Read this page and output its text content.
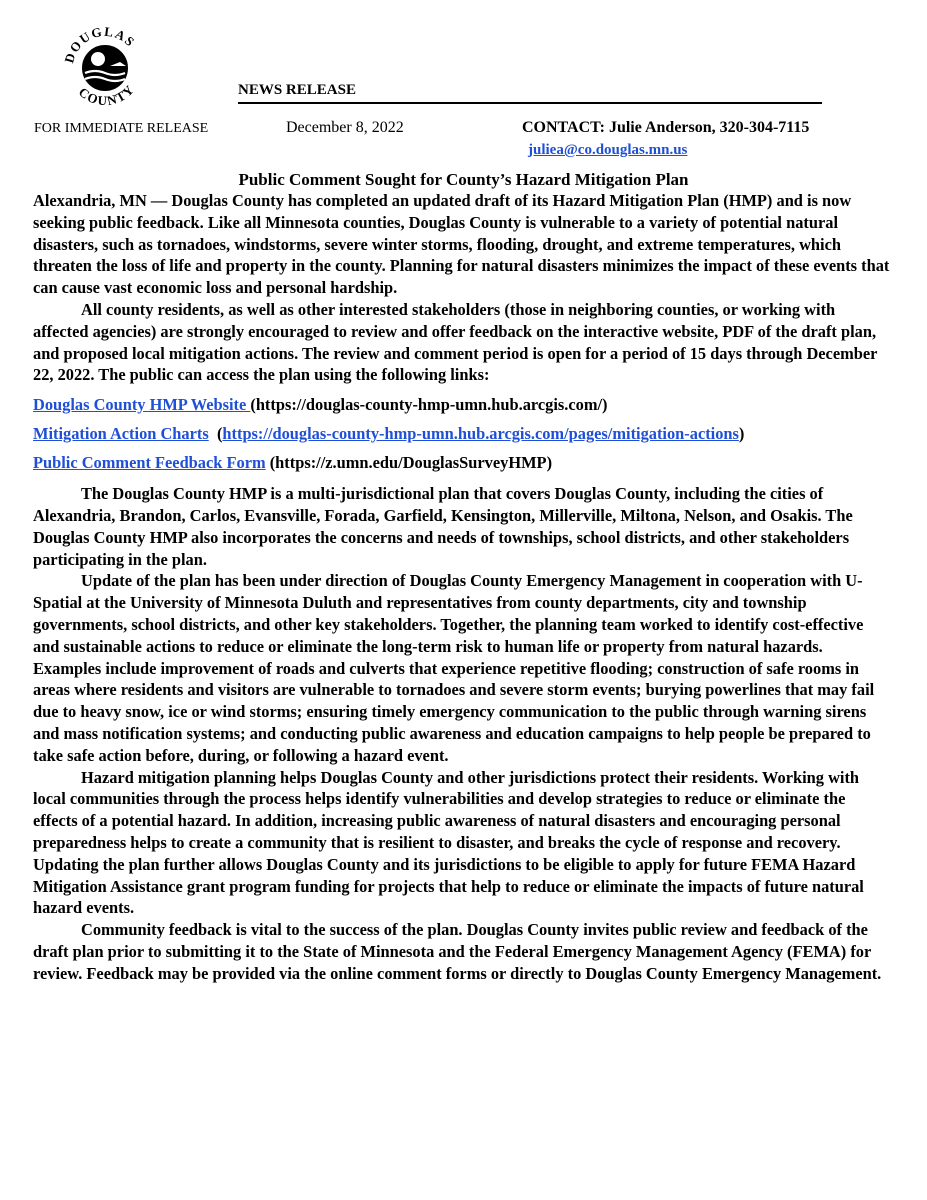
DOUGLAS
COUNTY	NEWS RELEASE
FOR IMMEDIATE RELEASE	December 8, 2022	CONTACT: Julie Anderson, 320-304-7115
juliea@co.douglas.mn.us
Public Comment Sought for County’s Hazard Mitigation Plan

Alexandria, MN — Douglas County has completed an updated draft of its Hazard Mitigation Plan (HMP) and is now seeking public feedback. Like all Minnesota counties, Douglas County is vulnerable to a variety of potential natural disasters, such as tornadoes, windstorms, severe winter storms, flooding, drought, and extreme temperatures, which threaten the loss of life and property in the county. Planning for natural disasters minimizes the impact of these events that can cause vast economic loss and personal hardship.

All county residents, as well as other interested stakeholders (those in neighboring counties, or working with affected agencies) are strongly encouraged to review and offer feedback on the interactive website, PDF of the draft plan, and proposed local mitigation actions. The review and comment period is open for a period of 15 days through December 22, 2022. The public can access the plan using the following links:

Douglas County HMP Website (https://douglas-county-hmp-umn.hub.arcgis.com/)

Mitigation Action Charts  (https://douglas-county-hmp-umn.hub.arcgis.com/pages/mitigation-actions)

Public Comment Feedback Form (https://z.umn.edu/DouglasSurveyHMP)

The Douglas County HMP is a multi-jurisdictional plan that covers Douglas County, including the cities of Alexandria, Brandon, Carlos, Evansville, Forada, Garfield, Kensington, Millerville, Miltona, Nelson, and Osakis. The Douglas County HMP also incorporates the concerns and needs of townships, school districts, and other stakeholders participating in the plan.

Update of the plan has been under direction of Douglas County Emergency Management in cooperation with U-Spatial at the University of Minnesota Duluth and representatives from county departments, city and township governments, school districts, and other key stakeholders. Together, the planning team worked to identify cost-effective and sustainable actions to reduce or eliminate the long-term risk to human life or property from natural hazards. Examples include improvement of roads and culverts that experience repetitive flooding; construction of safe rooms in areas where residents and visitors are vulnerable to tornadoes and severe storm events; burying powerlines that may fail due to heavy snow, ice or wind storms; ensuring timely emergency communication to the public through warning sirens and mass notification systems; and conducting public awareness and education campaigns to help people be prepared to take safe action before, during, or following a hazard event.

Hazard mitigation planning helps Douglas County and other jurisdictions protect their residents. Working with local communities through the process helps identify vulnerabilities and develop strategies to reduce or eliminate the effects of a potential hazard. In addition, increasing public awareness of natural disasters and encouraging personal preparedness helps to create a community that is resilient to disaster, and breaks the cycle of response and recovery. Updating the plan further allows Douglas County and its jurisdictions to be eligible to apply for future FEMA Hazard Mitigation Assistance grant program funding for projects that help to reduce or eliminate the impacts of future natural hazard events.

Community feedback is vital to the success of the plan. Douglas County invites public review and feedback of the draft plan prior to submitting it to the State of Minnesota and the Federal Emergency Management Agency (FEMA) for review. Feedback may be provided via the online comment forms or directly to Douglas County Emergency Management.
